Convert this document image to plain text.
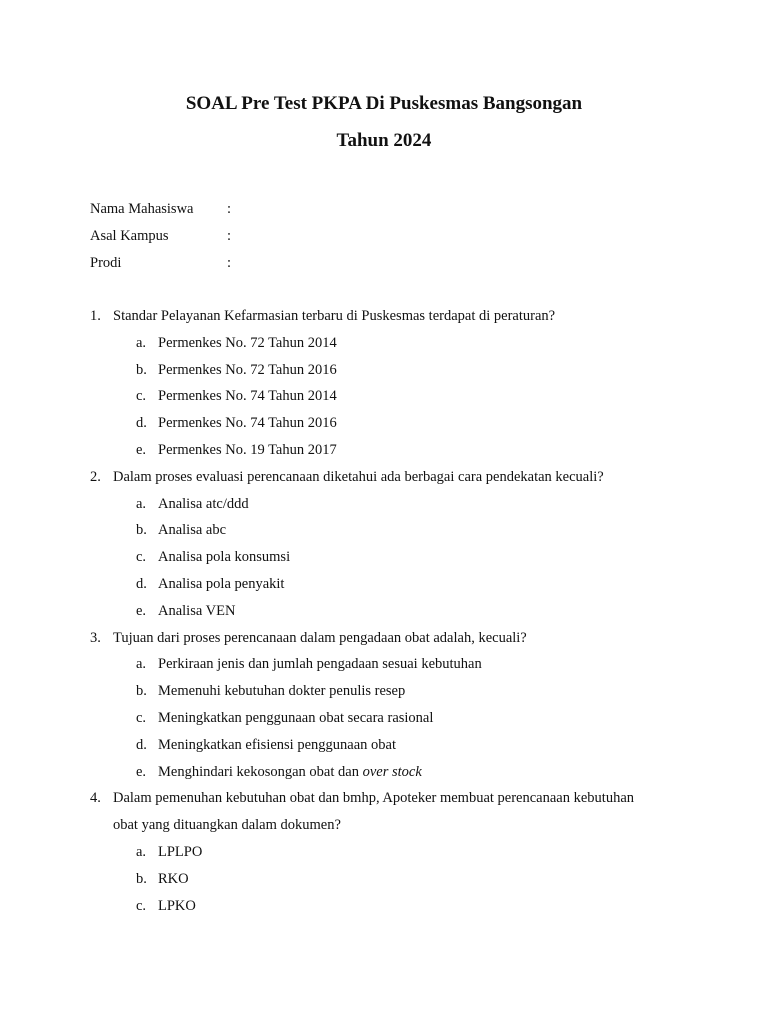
SOAL Pre Test PKPA Di Puskesmas Bangsongan
Tahun 2024
Nama Mahasiswa	:
Asal Kampus	:
Prodi	:
1. Standar Pelayanan Kefarmasian terbaru di Puskesmas terdapat di peraturan?
a. Permenkes No. 72 Tahun 2014
b. Permenkes No. 72 Tahun 2016
c. Permenkes No. 74 Tahun 2014
d. Permenkes No. 74 Tahun 2016
e. Permenkes No. 19 Tahun 2017
2. Dalam proses evaluasi perencanaan diketahui ada berbagai cara pendekatan kecuali?
a. Analisa atc/ddd
b. Analisa abc
c. Analisa pola konsumsi
d. Analisa pola penyakit
e. Analisa VEN
3. Tujuan dari proses perencanaan dalam pengadaan obat adalah, kecuali?
a. Perkiraan jenis dan jumlah pengadaan sesuai kebutuhan
b. Memenuhi kebutuhan dokter penulis resep
c. Meningkatkan penggunaan obat secara rasional
d. Meningkatkan efisiensi penggunaan obat
e. Menghindari kekosongan obat dan over stock
4. Dalam pemenuhan kebutuhan obat dan bmhp, Apoteker membuat perencanaan kebutuhan
obat yang dituangkan dalam dokumen?
a. LPLPO
b. RKO
c. LPKO
